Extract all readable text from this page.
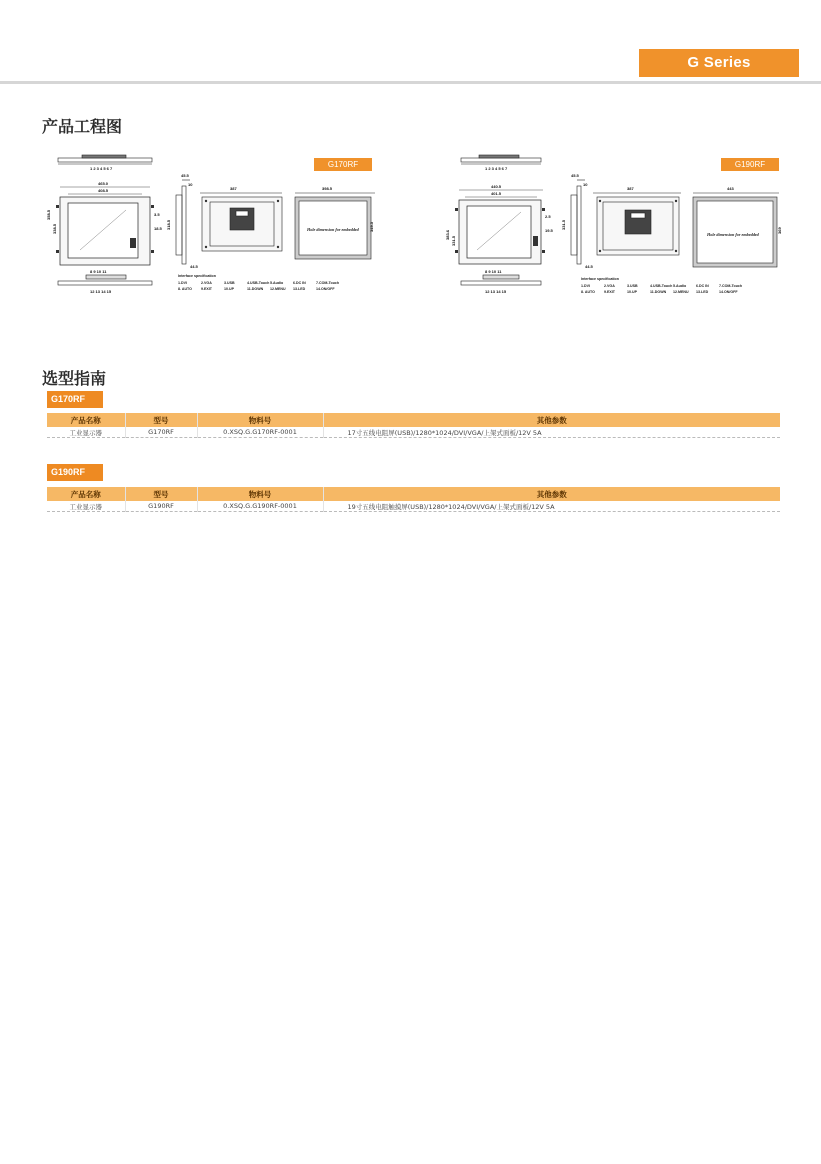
G Series
产品工程图
G170RF
1 2 3 4 5 6 7
465.0
408.5
358.5
338.5
3.5
18.5
8 9 10 11
12 13 14 15
45.5
10
318.5
44.5
387	398.5
349.5
Hole dimension for embedded
Interface specification
1.DVI	2.VGA	3.USB	4.USB-Touch 5.Audio	6.DC IN	7.COM-Touch
8. AUTO	9.EXIT	10.UP	11.DOWN 12.MENU 13.LED	14.ON/OFF
G190RF
1 2 3 4 5 6 7
440.5
401.5
383.6
331.5
2.5
19.5
8 9 10 11
12 13 14 15
45.5
10
331.5
44.5
387	443
369
Hole dimension for embedded
Interface specification
1.DVI	2.VGA	3.USB	4.USB-Touch 5.Audio	6.DC IN	7.COM-Touch
8. AUTO	9.EXIT	10.UP	11.DOWN 12.MENU 13.LED	14.ON/OFF
选型指南
G170RF
产品名称	型号	物料号	其他参数
工业显示器	G170RF	0.XSQ.G.G170RF-0001	17寸五线电阻屏(USB)/1280*1024/DVI/VGA/上架式面板/12V 5A
G190RF
产品名称	型号	物料号	其他参数
工业显示器	G190RF	0.XSQ.G.G190RF-0001	19寸五线电阻触摸屏(USB)/1280*1024/DVI/VGA/上架式面板/12V 5A
